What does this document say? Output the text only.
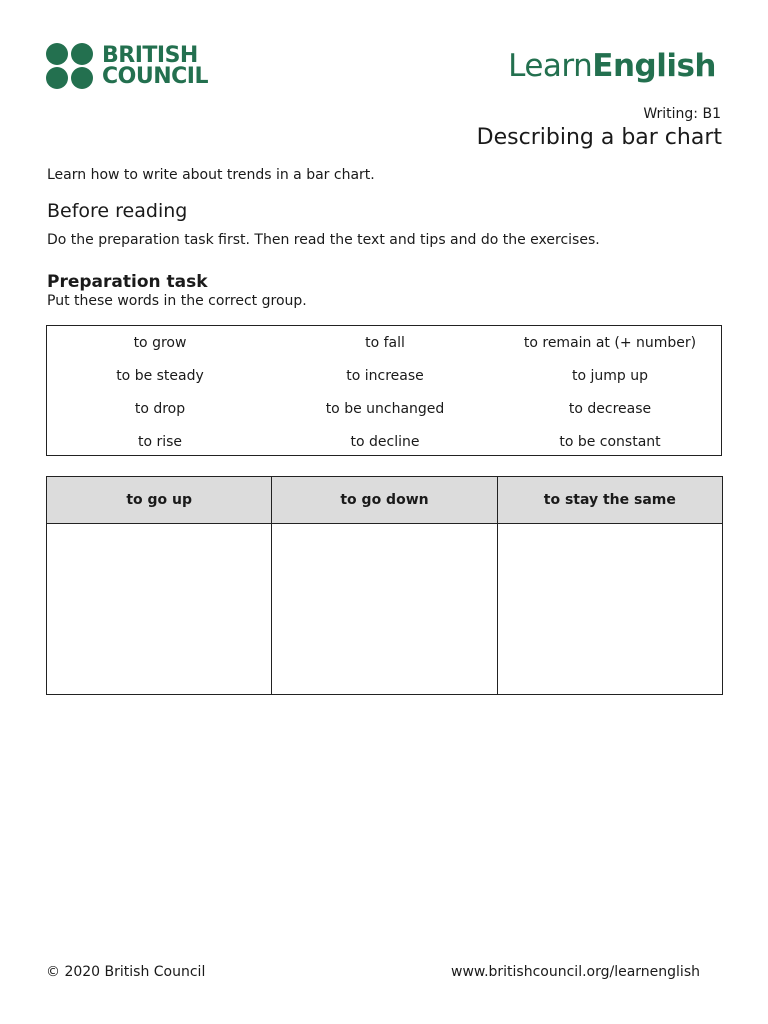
BRITISH
COUNCIL	LearnEnglish
Writing: B1
Describing a bar chart
Learn how to write about trends in a bar chart.
Before reading
Do the preparation task first. Then read the text and tips and do the exercises.
Preparation task
Put these words in the correct group.
to grow	to fall	to remain at (+ number)
to be steady	to increase	to jump up
to drop	to be unchanged	to decrease
to rise	to decline	to be constant
to go up	to go down	to stay the same

© 2020 British Council	www.britishcouncil.org/learnenglish
